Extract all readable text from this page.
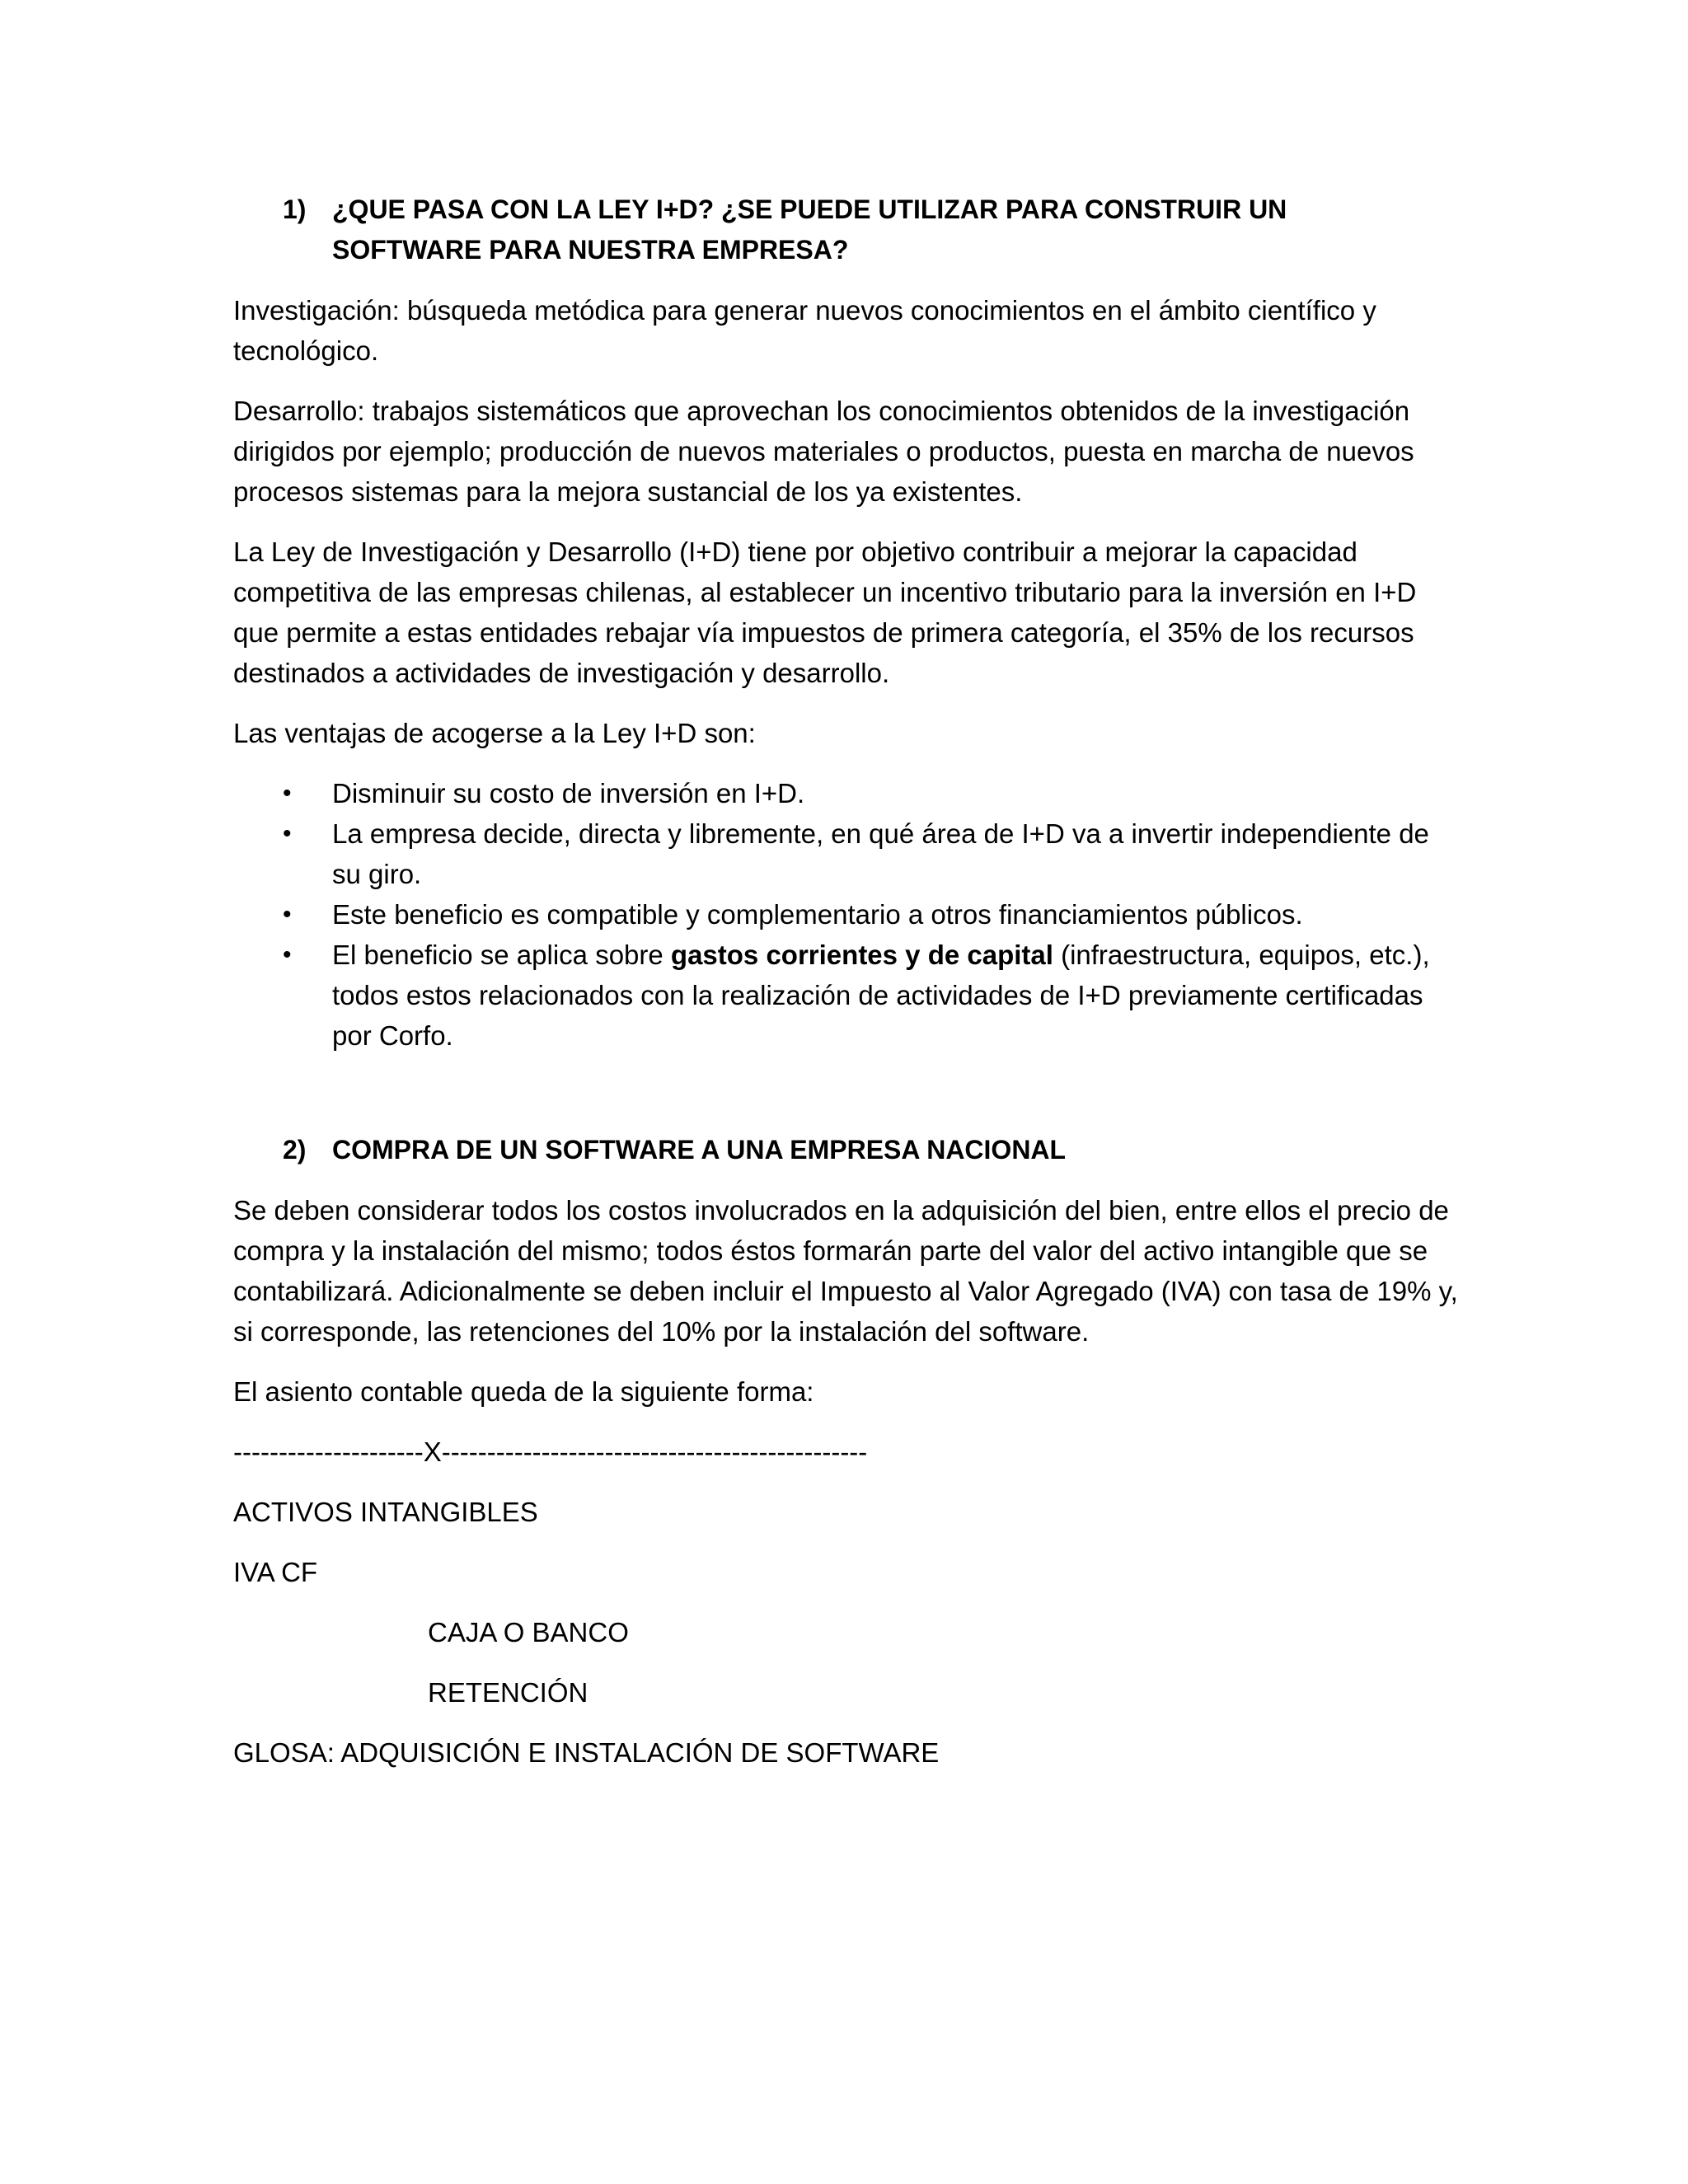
1) ¿QUE PASA CON LA LEY I+D? ¿SE PUEDE UTILIZAR PARA CONSTRUIR UN SOFTWARE PARA NUESTRA EMPRESA?

Investigación: búsqueda metódica para generar nuevos conocimientos en el ámbito científico y tecnológico.

Desarrollo: trabajos sistemáticos que aprovechan los conocimientos obtenidos de la investigación dirigidos por ejemplo; producción de nuevos materiales o productos, puesta en marcha de nuevos procesos sistemas para la mejora sustancial de los ya existentes.

La Ley de Investigación y Desarrollo (I+D) tiene por objetivo contribuir a mejorar la capacidad competitiva de las empresas chilenas, al establecer un incentivo tributario para la inversión en I+D que permite a estas entidades rebajar vía impuestos de primera categoría, el 35% de los recursos destinados a actividades de investigación y desarrollo.

Las ventajas de acogerse a la Ley I+D son:

•	Disminuir su costo de inversión en I+D.
•	La empresa decide, directa y libremente, en qué área de I+D va a invertir independiente de su giro.
•	Este beneficio es compatible y complementario a otros financiamientos públicos.
•	El beneficio se aplica sobre gastos corrientes y de capital (infraestructura, equipos, etc.), todos estos relacionados con la realización de actividades de I+D previamente certificadas por Corfo.
2) COMPRA DE UN SOFTWARE A UNA EMPRESA NACIONAL

Se deben considerar todos los costos involucrados en la adquisición del bien, entre ellos el precio de compra y la instalación del mismo; todos éstos formarán parte del valor del activo intangible que se contabilizará. Adicionalmente se deben incluir el Impuesto al Valor Agregado (IVA) con tasa de 19% y, si corresponde, las retenciones del 10% por la instalación del software.

El asiento contable queda de la siguiente forma:

---------------------X-----------------------------------------------

ACTIVOS INTANGIBLES

IVA CF

CAJA O BANCO

RETENCIÓN

GLOSA: ADQUISICIÓN E INSTALACIÓN DE SOFTWARE
